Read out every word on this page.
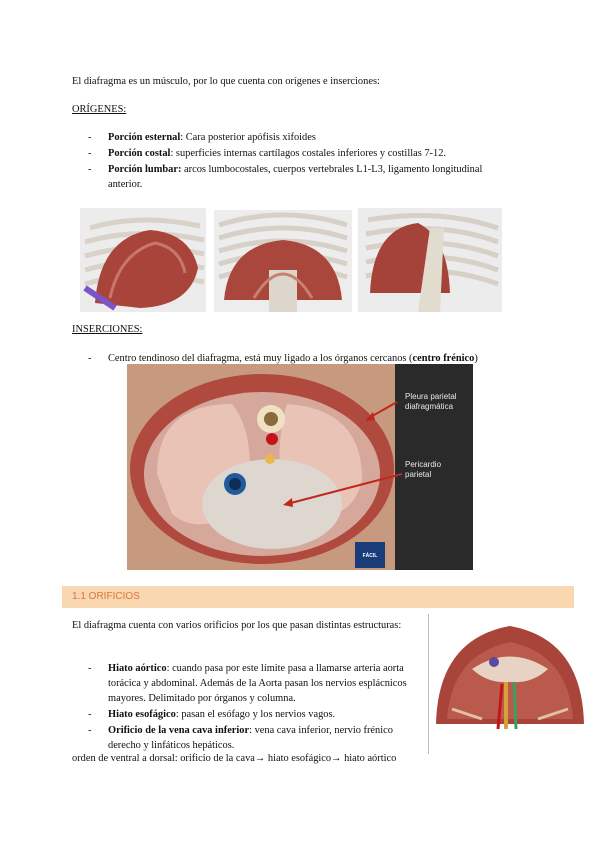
El diafragma es un músculo, por lo que cuenta con orígenes e inserciones:
ORÍGENES:
- Porción esternal: Cara posterior apófisis xifoides
- Porción costal: superficies internas cartílagos costales inferiores y costillas 7-12.
- Porción lumbar: arcos lumbocostales, cuerpos vertebrales L1-L3, ligamento longitudinal anterior.
INSERCIONES:
- Centro tendinoso del diafragma, está muy ligado a los órganos cercanos (centro frénico)
Pleura parietal diafragmática
Pericardio parietal
FÁCIL
1.1 ORIFICIOS
El diafragma cuenta con varios orificios por los que pasan distintas estructuras:
- Hiato aórtico: cuando pasa por este límite pasa a llamarse arteria aorta torácica y abdominal. Además de la Aorta pasan los nervios esplácnicos mayores. Delimitado por órganos y columna.
- Hiato esofágico: pasan el esófago y los nervios vagos.
- Orificio de la vena cava inferior: vena cava inferior, nervio frénico derecho y linfáticos hepáticos.
orden de ventral a dorsal: orificio de la cava→ hiato esofágico→ hiato aórtico
